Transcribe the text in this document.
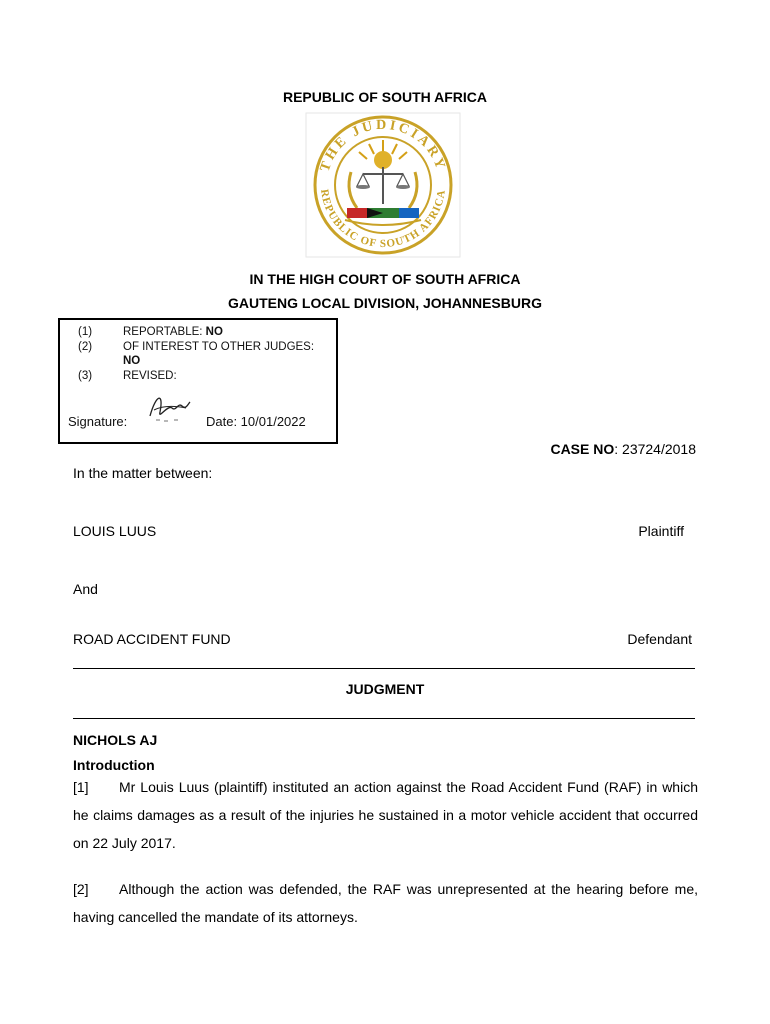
REPUBLIC OF SOUTH AFRICA
THE JUDICIARY
REPUBLIC OF SOUTH AFRICA
IN THE HIGH COURT OF SOUTH AFRICA
GAUTENG LOCAL DIVISION, JOHANNESBURG
(1)	REPORTABLE: NO
(2)	OF INTEREST TO OTHER JUDGES:
NO
(3)	REVISED:
Signature:	Date: 10/01/2022
CASE NO: 23724/2018
In the matter between:
LOUIS LUUS	Plaintiff
And
ROAD ACCIDENT FUND	Defendant
JUDGMENT
NICHOLS AJ
Introduction
[1] Mr Louis Luus (plaintiff) instituted an action against the Road Accident Fund (RAF) in which he claims damages as a result of the injuries he sustained in a motor vehicle accident that occurred on 22 July 2017.
[2] Although the action was defended, the RAF was unrepresented at the hearing before me, having cancelled the mandate of its attorneys.
